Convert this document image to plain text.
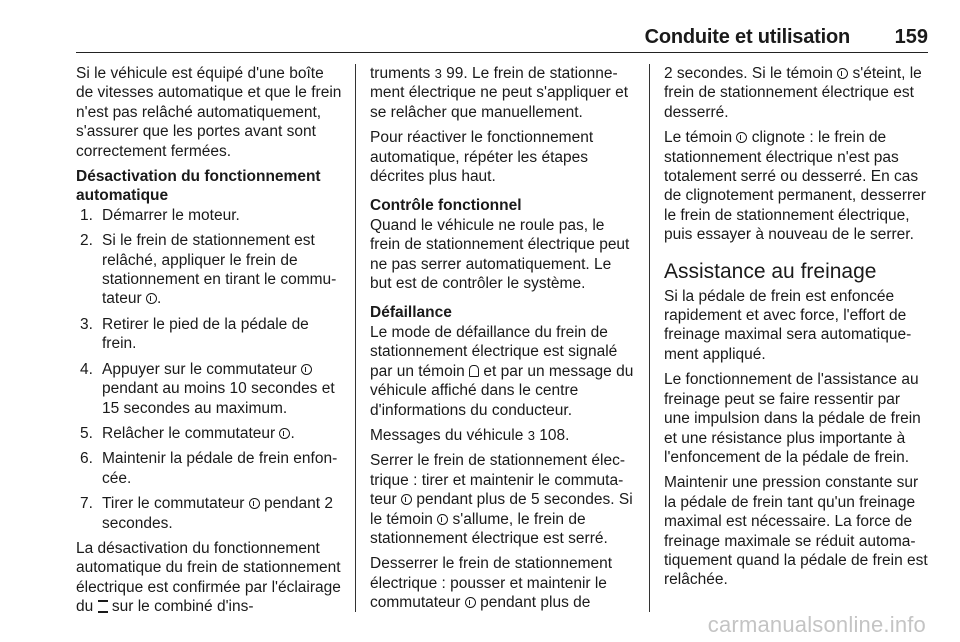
Conduite et utilisation 159

Si le véhicule est équipé d'une boîte de vitesses automatique et que le frein n'est pas relâché automatiquement, s'assurer que les portes avant sont correctement fermées.

Désactivation du fonctionnement automatique
1. Démarrer le moteur.
2. Si le frein de stationnement est relâché, appliquer le frein de stationnement en tirant le commutateur .
3. Retirer le pied de la pédale de frein.
4. Appuyer sur le commutateur  pendant au moins 10 secondes et 15 secondes au maximum.
5. Relâcher le commutateur .
6. Maintenir la pédale de frein enfoncée.
7. Tirer le commutateur pendant 2 secondes.

La désactivation du fonctionnement automatique du frein de stationnement électrique est confirmée par l'éclairage du sur le combiné d'ins-

truments 3 99. Le frein de stationnement électrique ne peut s'appliquer et se relâcher que manuellement.

Pour réactiver le fonctionnement automatique, répéter les étapes décrites plus haut.

Contrôle fonctionnel

Quand le véhicule ne roule pas, le frein de stationnement électrique peut ne pas serrer automatiquement. Le but est de contrôler le système.

Défaillance

Le mode de défaillance du frein de stationnement électrique est signalé par un témoin et par un message du véhicule affiché dans le centre d'informations du conducteur.

Messages du véhicule 3 108.

Serrer le frein de stationnement électrique : tirer et maintenir le commutateur pendant plus de 5 secondes. Si le témoin s'allume, le frein de stationnement électrique est serré.

Desserrer le frein de stationnement électrique : pousser et maintenir le commutateur pendant plus de

2 secondes. Si le témoin s'éteint, le frein de stationnement électrique est desserré.

Le témoin clignote : le frein de stationnement électrique n'est pas totalement serré ou desserré. En cas de clignotement permanent, desserrer le frein de stationnement électrique, puis essayer à nouveau de le serrer.

Assistance au freinage

Si la pédale de frein est enfoncée rapidement et avec force, l'effort de freinage maximal sera automatiquement appliqué.

Le fonctionnement de l'assistance au freinage peut se faire ressentir par une impulsion dans la pédale de frein et une résistance plus importante à l'enfoncement de la pédale de frein.

Maintenir une pression constante sur la pédale de frein tant qu'un freinage maximal est nécessaire. La force de freinage maximale se réduit automatiquement quand la pédale de frein est relâchée.

carmanualsonline.info
